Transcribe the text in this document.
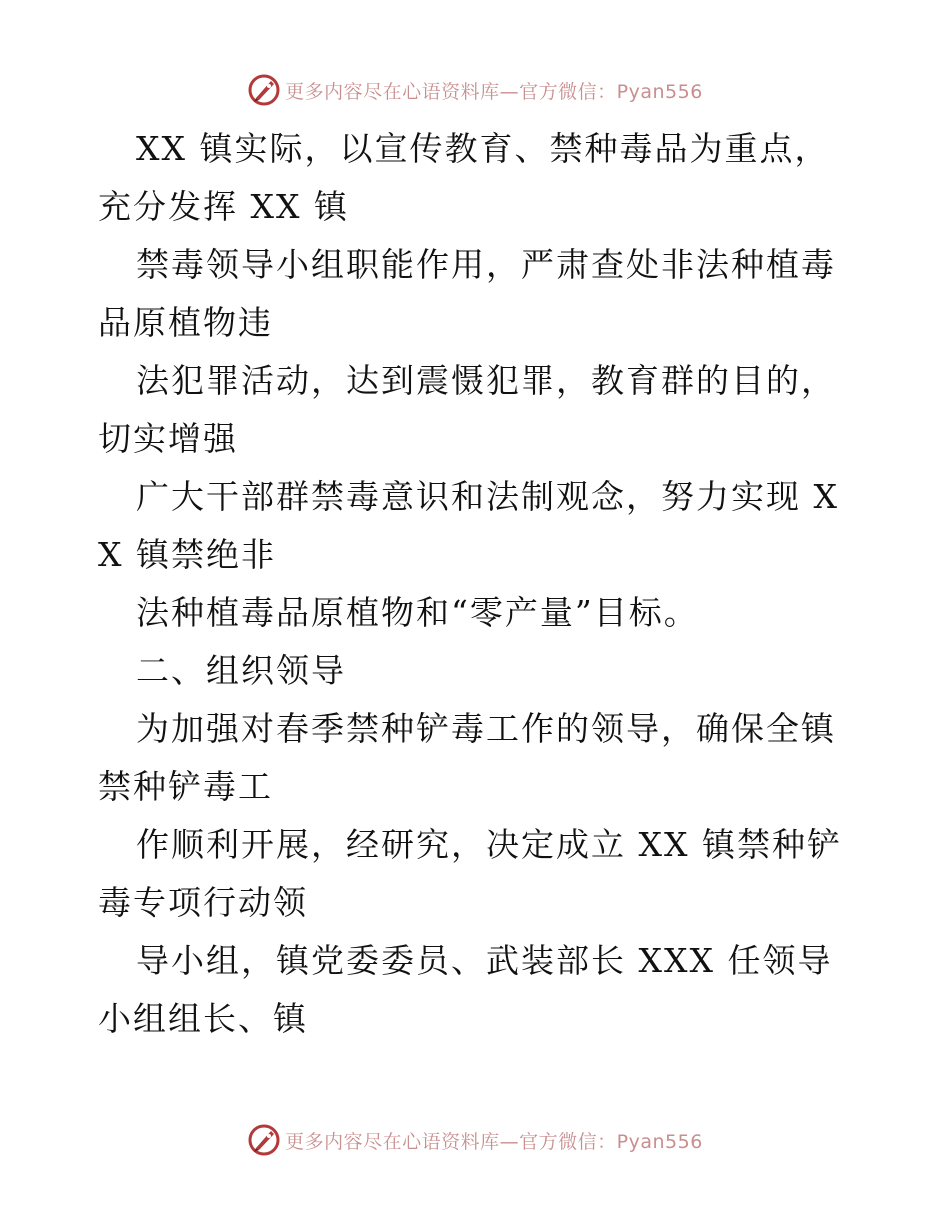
更多内容尽在心语资料库—官方微信：Pyan556

XX 镇实际，以宣传教育、禁种毒品为重点，充分发挥 XX 镇

禁毒领导小组职能作用，严肃查处非法种植毒品原植物违

法犯罪活动，达到震慑犯罪，教育群的目的，切实增强

广大干部群禁毒意识和法制观念，努力实现 XX 镇禁绝非

法种植毒品原植物和“零产量”目标。

二、组织领导

为加强对春季禁种铲毒工作的领导，确保全镇禁种铲毒工

作顺利开展，经研究，决定成立 XX 镇禁种铲毒专项行动领

导小组，镇党委委员、武装部长 XXX 任领导小组组长、镇

更多内容尽在心语资料库—官方微信：Pyan556
